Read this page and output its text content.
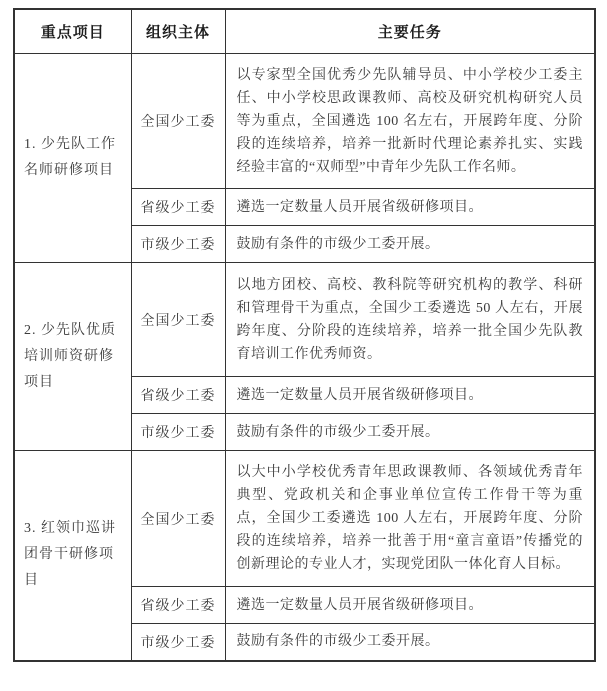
重点项目	组织主体	主要任务
1. 少先队工作名师研修项目	全国少工委	以专家型全国优秀少先队辅导员、中小学校少工委主任、中小学校思政课教师、高校及研究机构研究人员等为重点，全国遴选 100 名左右，开展跨年度、分阶段的连续培养，培养一批新时代理论素养扎实、实践经验丰富的“双师型”中青年少先队工作名师。
	省级少工委	遴选一定数量人员开展省级研修项目。
	市级少工委	鼓励有条件的市级少工委开展。
2. 少先队优质培训师资研修项目	全国少工委	以地方团校、高校、教科院等研究机构的教学、科研和管理骨干为重点，全国少工委遴选 50 人左右，开展跨年度、分阶段的连续培养，培养一批全国少先队教育培训工作优秀师资。
	省级少工委	遴选一定数量人员开展省级研修项目。
	市级少工委	鼓励有条件的市级少工委开展。
3. 红领巾巡讲团骨干研修项目	全国少工委	以大中小学校优秀青年思政课教师、各领域优秀青年典型、党政机关和企事业单位宣传工作骨干等为重点，全国少工委遴选 100 人左右，开展跨年度、分阶段的连续培养，培养一批善于用“童言童语”传播党的创新理论的专业人才，实现党团队一体化育人目标。
	省级少工委	遴选一定数量人员开展省级研修项目。
	市级少工委	鼓励有条件的市级少工委开展。
